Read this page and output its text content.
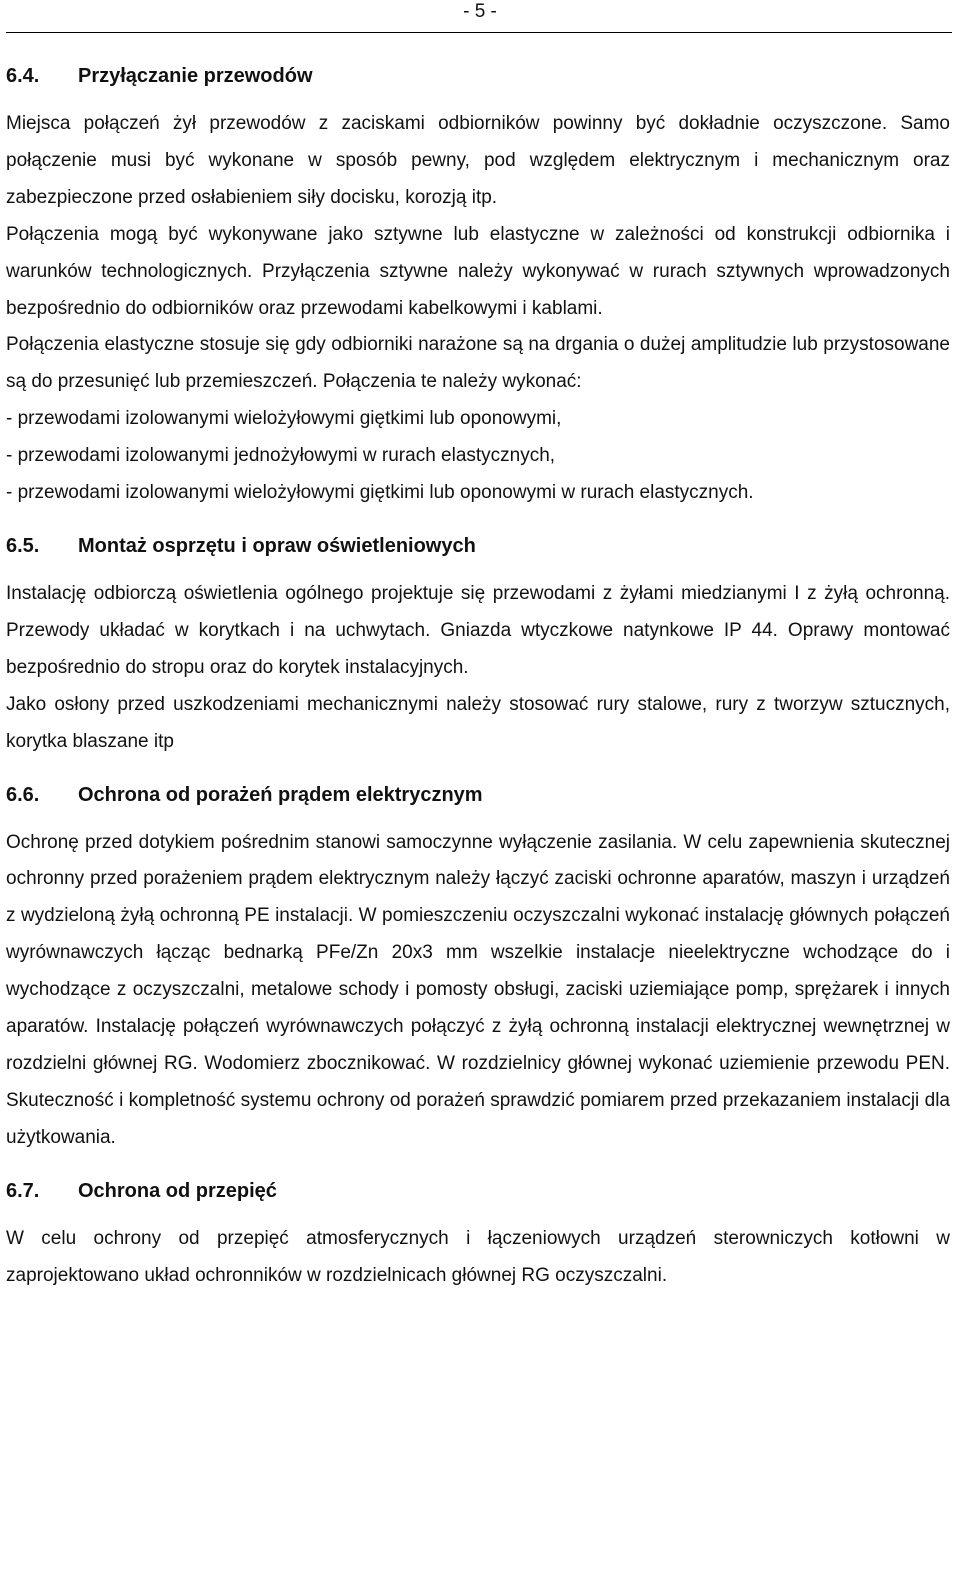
- 5 -
6.4.	Przyłączanie przewodów

Miejsca połączeń żył przewodów z zaciskami odbiorników powinny być dokładnie oczyszczone. Samo połączenie musi być wykonane w sposób pewny, pod względem elektrycznym i mechanicznym oraz zabezpieczone przed osłabieniem siły docisku, korozją itp.

Połączenia mogą być wykonywane jako sztywne lub elastyczne w zależności od konstrukcji odbiornika i warunków technologicznych. Przyłączenia sztywne należy wykonywać w rurach sztywnych wprowadzonych bezpośrednio do odbiorników oraz przewodami kabelkowymi i kablami.

Połączenia elastyczne stosuje się gdy odbiorniki narażone są na drgania o dużej amplitudzie lub przystosowane są do przesunięć lub przemieszczeń. Połączenia te należy wykonać:

- przewodami izolowanymi wielożyłowymi giętkimi lub oponowymi,
- przewodami izolowanymi jednożyłowymi w rurach elastycznych,
- przewodami izolowanymi wielożyłowymi giętkimi lub oponowymi w rurach elastycznych.
6.5.	Montaż osprzętu i opraw oświetleniowych

Instalację odbiorczą oświetlenia ogólnego projektuje się przewodami z żyłami miedzianymi I z żyłą ochronną. Przewody układać w korytkach i na uchwytach. Gniazda wtyczkowe natynkowe IP 44. Oprawy montować bezpośrednio do stropu oraz do korytek instalacyjnych.

Jako osłony przed uszkodzeniami mechanicznymi należy stosować rury stalowe, rury z tworzyw sztucznych, korytka blaszane itp

6.6.	Ochrona od porażeń prądem elektrycznym

Ochronę przed dotykiem pośrednim stanowi samoczynne wyłączenie zasilania. W celu zapewnienia skutecznej ochronny przed porażeniem prądem elektrycznym należy łączyć zaciski ochronne aparatów, maszyn i urządzeń z wydzieloną żyłą ochronną PE instalacji. W pomieszczeniu oczyszczalni wykonać instalację głównych połączeń wyrównawczych łącząc bednarką PFe/Zn 20x3 mm wszelkie instalacje nieelektryczne wchodzące do i wychodzące z oczyszczalni, metalowe schody i pomosty obsługi, zaciski uziemiające pomp, sprężarek i innych aparatów. Instalację połączeń wyrównawczych połączyć z żyłą ochronną instalacji elektrycznej wewnętrznej w rozdzielni głównej RG. Wodomierz zbocznikować. W rozdzielnicy głównej wykonać uziemienie przewodu PEN. Skuteczność i kompletność systemu ochrony od porażeń sprawdzić pomiarem przed przekazaniem instalacji dla użytkowania.

6.7.	Ochrona od przepięć

W celu ochrony od przepięć atmosferycznych i łączeniowych urządzeń sterowniczych kotłowni w zaprojektowano układ ochronników w rozdzielnicach głównej RG oczyszczalni.
